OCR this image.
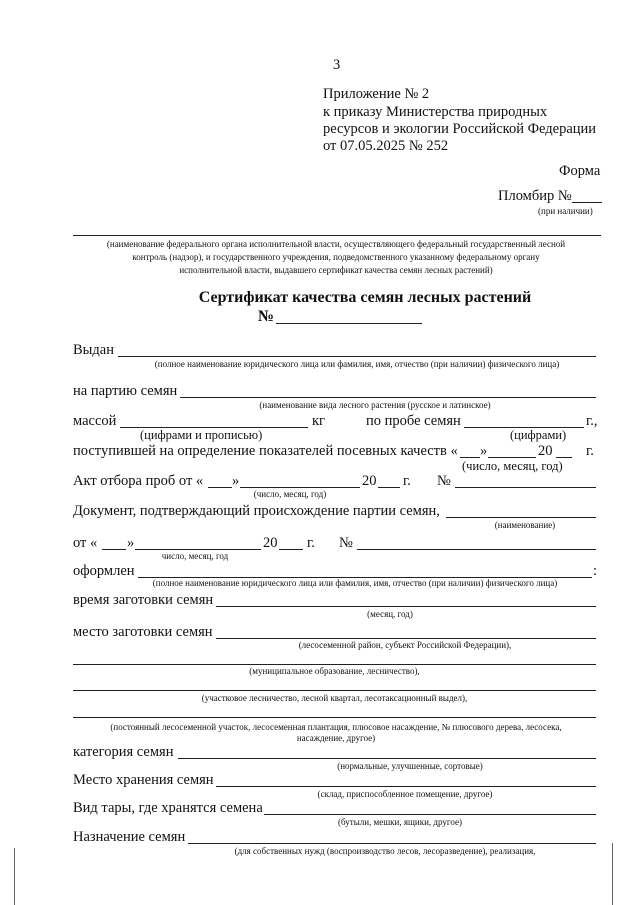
3
Приложение № 2
к приказу Министерства природных
ресурсов и экологии Российской Федерации
от 07.05.2025 № 252
Форма
Пломбир №
(при наличии)
(наименование федерального органа исполнительной власти, осуществляющего федеральный государственный лесной
контроль (надзор), и государственного учреждения, подведомственного указанному федеральному органу
исполнительной власти, выдавшего сертификат качества семян лесных растений)
Сертификат качества семян лесных растений
№
Выдан
(полное наименование юридического лица или фамилия, имя, отчество (при наличии) физического лица)
на партию семян
(наименование вида лесного растения (русское и латинское)
массой	кг	по пробе семян	г.,
(цифрами и прописью)	(цифрами)
поступившей на определение показателей посевных качеств « »	20 г.
(число, месяц, год)
Акт отбора проб от « »	20 г. №
(число, месяц, год)
Документ, подтверждающий происхождение партии семян,
(наименование)
от « »	20 г. №
число, месяц, год
оформлен	:
(полное наименование юридического лица или фамилия, имя, отчество (при наличии) физического лица)
время заготовки семян
(месяц, год)
место заготовки семян
(лесосеменной район, субъект Российской Федерации),
(муниципальное образование, лесничество),
(участковое лесничество, лесной квартал, лесотаксационный выдел),
(постоянный лесосеменной участок, лесосеменная плантация, плюсовое насаждение, № плюсового дерева, лесосека,
насаждение, другое)
категория семян
(нормальные, улучшенные, сортовые)
Место хранения семян
(склад, приспособленное помещение, другое)
Вид тары, где хранятся семена
(бутыли, мешки, ящики, другое)
Назначение семян
(для собственных нужд (воспроизводство лесов, лесоразведение), реализация,
